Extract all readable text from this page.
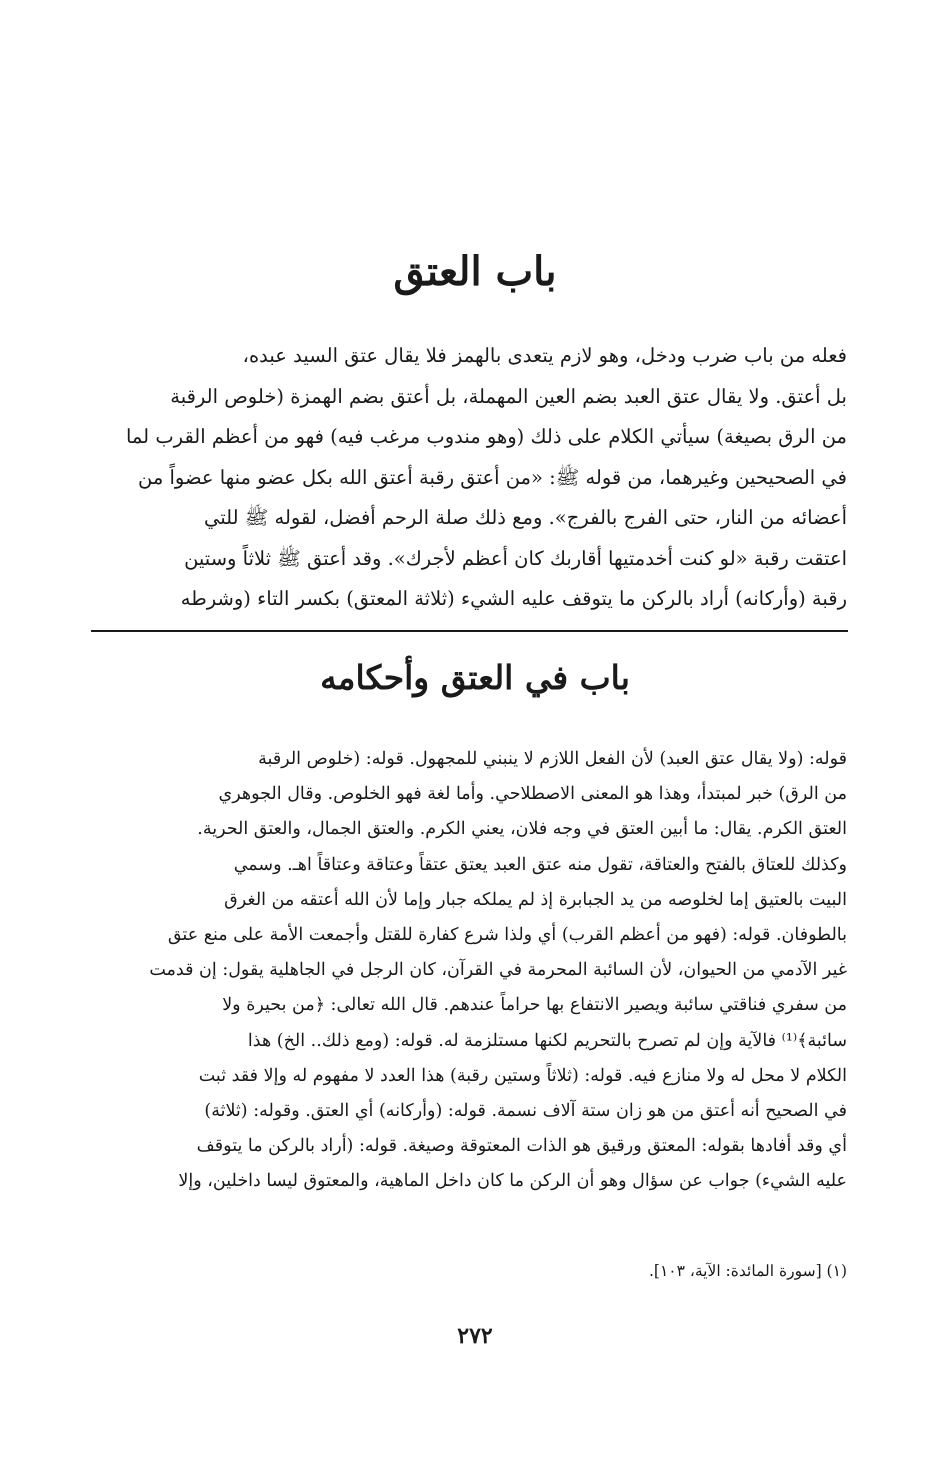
باب العتق
فعله من باب ضرب ودخل، وهو لازم يتعدى بالهمز فلا يقال عتق السيد عبده،
بل أعتق. ولا يقال عتق العبد بضم العين المهملة، بل أعتق بضم الهمزة (خلوص الرقبة
من الرق بصيغة) سيأتي الكلام على ذلك (وهو مندوب مرغب فيه) فهو من أعظم القرب لما
في الصحيحين وغيرهما، من قوله ﷺ: «من أعتق رقبة أعتق الله بكل عضو منها عضواً من
أعضائه من النار، حتى الفرج بالفرج». ومع ذلك صلة الرحم أفضل، لقوله ﷺ للتي
اعتقت رقبة «لو كنت أخدمتيها أقاربك كان أعظم لأجرك». وقد أعتق ﷺ ثلاثاً وستين
رقبة (وأركانه) أراد بالركن ما يتوقف عليه الشيء (ثلاثة المعتق) بكسر التاء (وشرطه
باب في العتق وأحكامه
قوله: (ولا يقال عتق العبد) لأن الفعل اللازم لا ينبني للمجهول. قوله: (خلوص الرقبة
من الرق) خبر لمبتدأ، وهذا هو المعنى الاصطلاحي. وأما لغة فهو الخلوص. وقال الجوهري
العتق الكرم. يقال: ما أبين العتق في وجه فلان، يعني الكرم. والعتق الجمال، والعتق الحرية.
وكذلك للعتاق بالفتح والعتاقة، تقول منه عتق العبد يعتق عتقاً وعتاقة وعتاقاً اهـ. وسمي
البيت بالعتيق إما لخلوصه من يد الجبابرة إذ لم يملكه جبار وإما لأن الله أعتقه من الغرق
بالطوفان. قوله: (فهو من أعظم القرب) أي ولذا شرع كفارة للقتل وأجمعت الأمة على منع عتق
غير الآدمي من الحيوان، لأن السائبة المحرمة في القرآن، كان الرجل في الجاهلية يقول: إن قدمت
من سفري فناقتي سائبة ويصير الانتفاع بها حراماً عندهم. قال الله تعالى: ﴿من بحيرة ولا
سائبة﴾⁽¹⁾ فالآية وإن لم تصرح بالتحريم لكنها مستلزمة له. قوله: (ومع ذلك.. الخ) هذا
الكلام لا محل له ولا منازع فيه. قوله: (ثلاثاً وستين رقبة) هذا العدد لا مفهوم له وإلا فقد ثبت
في الصحيح أنه أعتق من هو زان ستة آلاف نسمة. قوله: (وأركانه) أي العتق. وقوله: (ثلاثة)
أي وقد أفادها بقوله: المعتق ورقيق هو الذات المعتوقة وصيغة. قوله: (أراد بالركن ما يتوقف
عليه الشيء) جواب عن سؤال وهو أن الركن ما كان داخل الماهية، والمعتوق ليسا داخلين، وإلا
(١) [سورة المائدة: الآية، ١٠٣].
٢٧٢
